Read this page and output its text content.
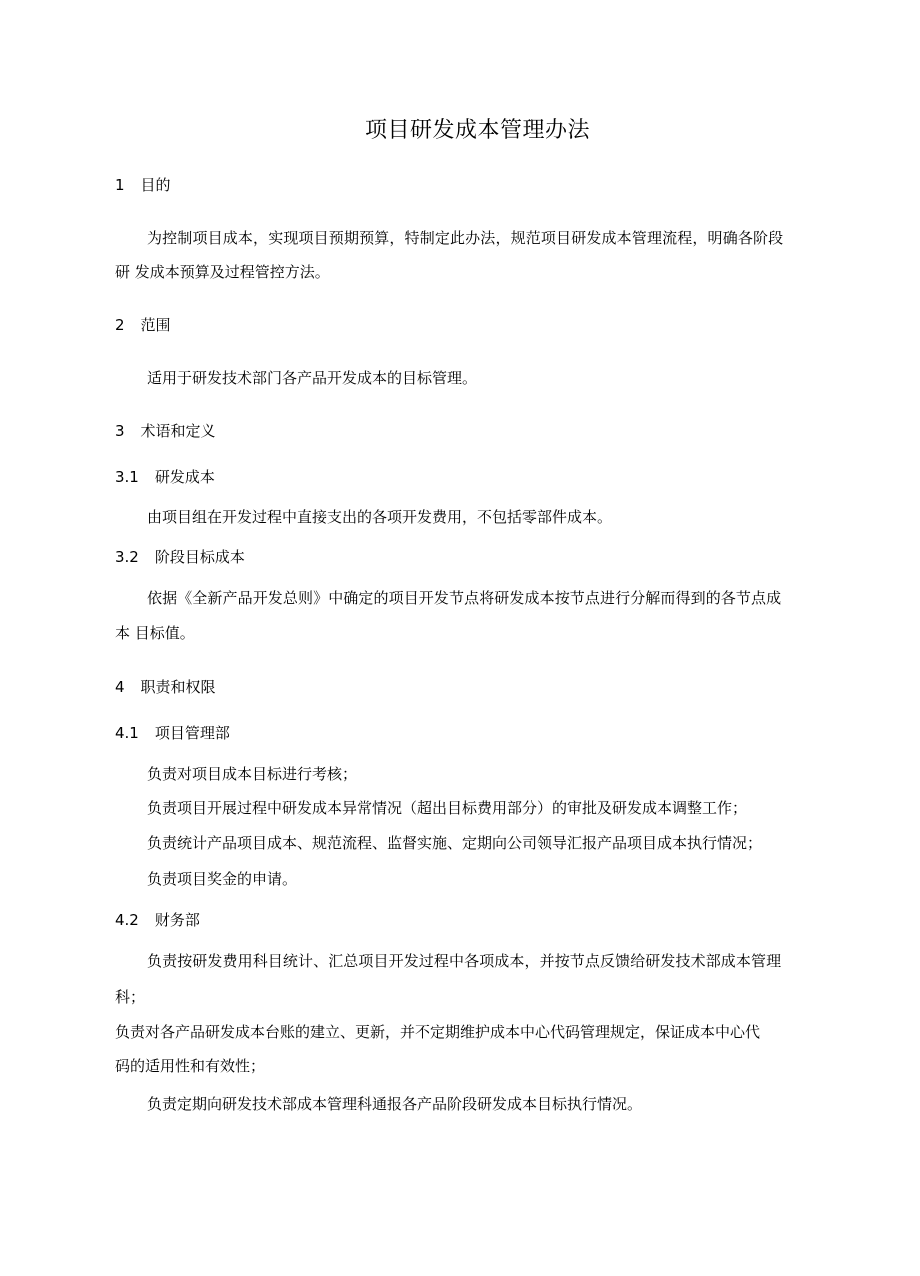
项目研发成本管理办法
1 目的
为控制项目成本，实现项目预期预算，特制定此办法，规范项目研发成本管理流程，明确各阶段
研 发成本预算及过程管控方法。
2 范围
适用于研发技术部门各产品开发成本的目标管理。
3 术语和定义
3.1 研发成本
由项目组在开发过程中直接支出的各项开发费用，不包括零部件成本。
3.2 阶段目标成本
依据《全新产品开发总则》中确定的项目开发节点将研发成本按节点进行分解而得到的各节点成
本 目标值。
4 职责和权限
4.1 项目管理部
负责对项目成本目标进行考核；
负责项目开展过程中研发成本异常情况（超出目标费用部分）的审批及研发成本调整工作；
负责统计产品项目成本、规范流程、监督实施、定期向公司领导汇报产品项目成本执行情况；
负责项目奖金的申请。
4.2 财务部
负责按研发费用科目统计、汇总项目开发过程中各项成本，并按节点反馈给研发技术部成本管理
科；
负责对各产品研发成本台账的建立、更新，并不定期维护成本中心代码管理规定，保证成本中心代
码的适用性和有效性；
负责定期向研发技术部成本管理科通报各产品阶段研发成本目标执行情况。
